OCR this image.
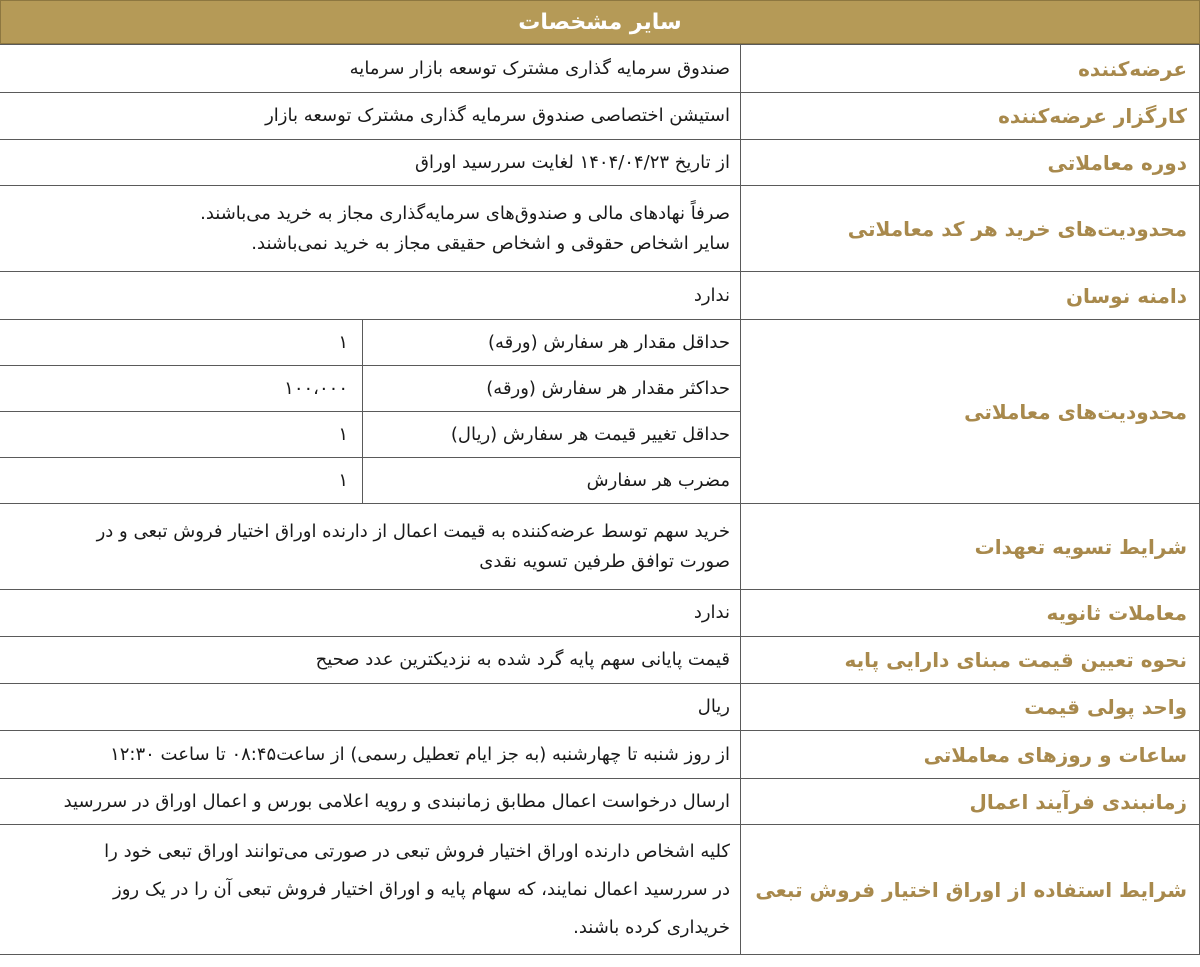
سایر مشخصات
عرضه‌کننده	صندوق سرمایه گذاری مشترک توسعه بازار سرمایه	
کارگزار عرضه‌کننده	استیشن اختصاصی صندوق سرمایه گذاری مشترک توسعه بازار	
دوره معاملاتی	از تاریخ ۱۴۰۴/۰۴/۲۳ لغایت سررسید اوراق	
محدودیت‌های خرید هر کد معاملاتی	صرفاً نهادهای مالی و صندوق‌های سرمایه‌گذاری مجاز به خرید می‌باشند.
سایر اشخاص حقوقی و اشخاص حقیقی مجاز به خرید نمی‌باشند.	

دامنه نوسان	ندارد	
محدودیت‌های معاملاتی	حداقل مقدار هر سفارش (ورقه)	۱
	حداکثر مقدار هر سفارش (ورقه)	۱۰۰،۰۰۰
	حداقل تغییر قیمت هر سفارش (ریال)	۱
	مضرب هر سفارش	۱
شرایط تسویه تعهدات	خرید سهم توسط عرضه‌کننده به قیمت اعمال از دارنده اوراق اختیار فروش تبعی و در
صورت توافق طرفین تسویه نقدی	

معاملات ثانویه	ندارد	
نحوه تعیین قیمت مبنای دارایی پایه	قیمت پایانی سهم پایه گرد شده به نزدیکترین عدد صحیح	
واحد پولی قیمت	ریال	
ساعات و روزهای معاملاتی	از روز شنبه تا چهارشنبه (به جز ایام تعطیل رسمی) از ساعت۰۸:۴۵ تا ساعت ۱۲:۳۰	
زمانبندی فرآیند اعمال	ارسال درخواست اعمال مطابق زمانبندی و رویه اعلامی بورس و اعمال اوراق در سررسید	
شرایط استفاده از اوراق اختیار فروش تبعی	کلیه اشخاص دارنده اوراق اختیار فروش تبعی در صورتی می‌توانند اوراق تبعی خود را
در سررسید اعمال نمایند، که سهام پایه و اوراق اختیار فروش تبعی آن را در یک روز
خریداری کرده باشند.	
